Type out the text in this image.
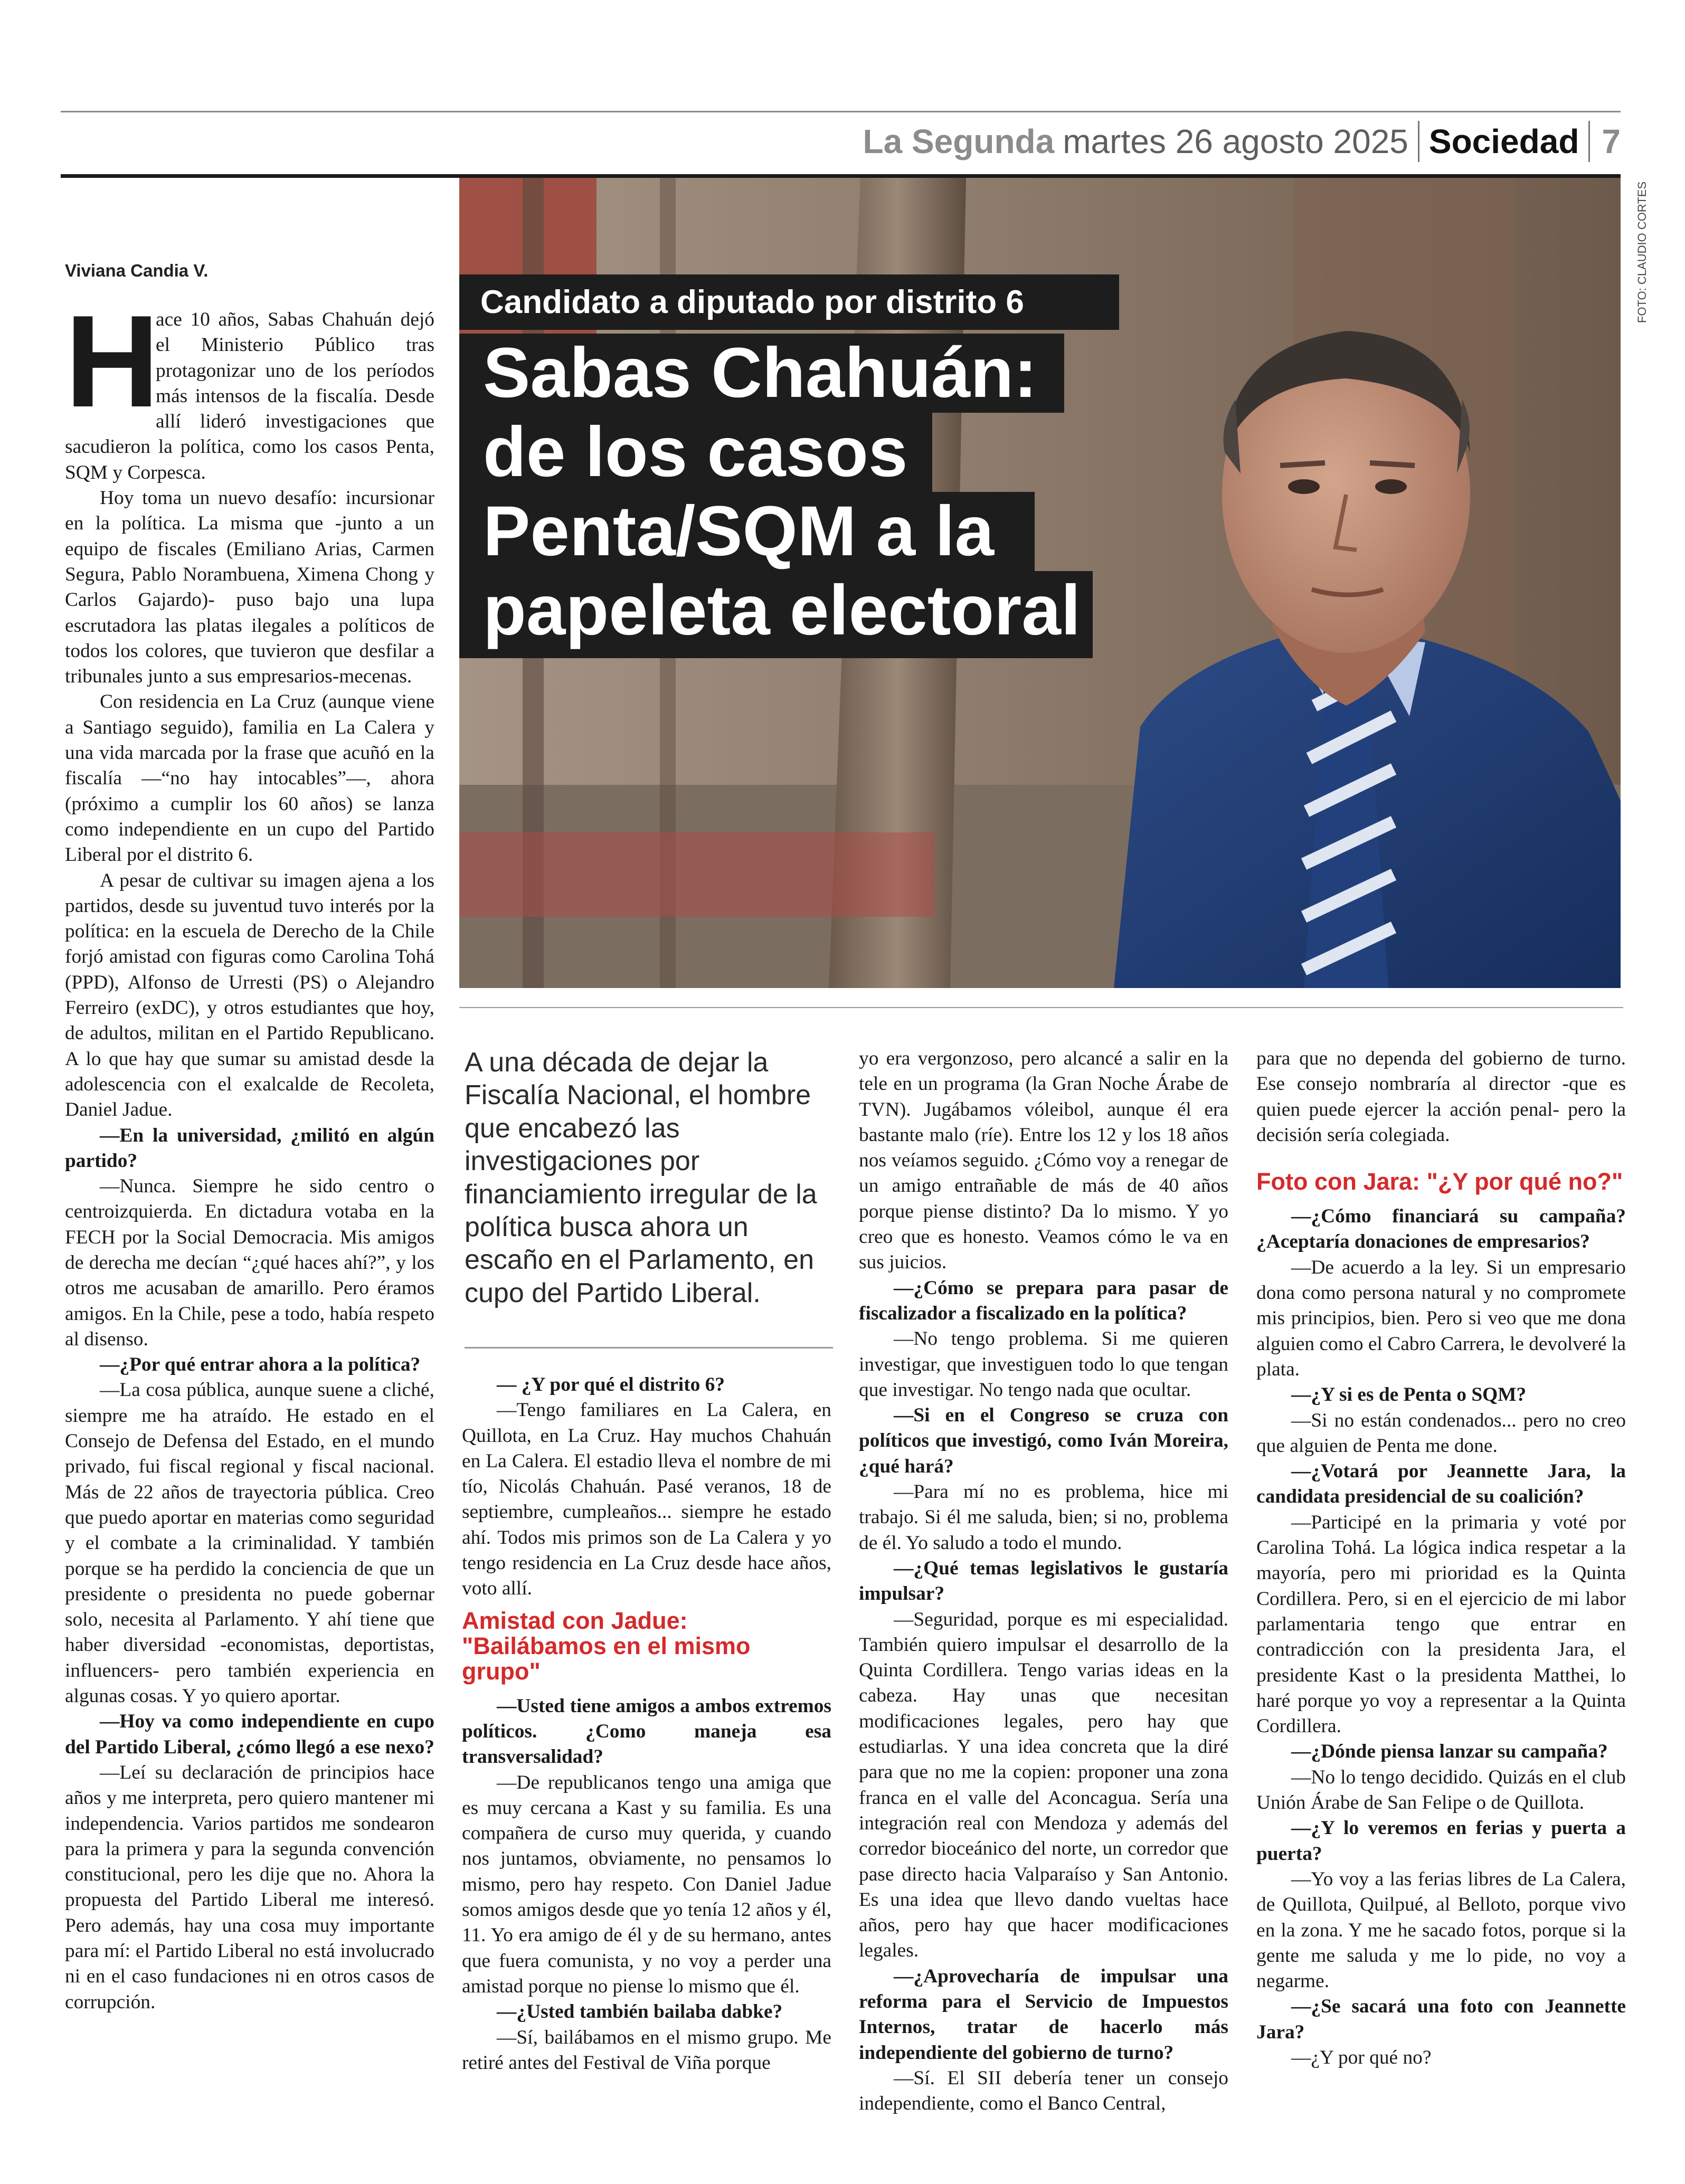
La Segunda martes 26 agosto 2025 Sociedad 7
FOTO: CLAUDIO CORTES
Candidato a diputado por distrito 6
Sabas Chahuán:
de los casos
Penta/SQM a la
papeleta electoral
Viviana Candia V.
H

ace 10 años, Sabas Chahuán dejó el Ministerio Público tras protagonizar uno de los períodos más intensos de la fiscalía. Desde allí lideró investigaciones que sacudieron la política, como los casos Penta, SQM y Corpesca.

Hoy toma un nuevo desafío: incursionar en la política. La misma que -junto a un equipo de fiscales (Emiliano Arias, Carmen Segura, Pablo Norambuena, Ximena Chong y Carlos Gajardo)- puso bajo una lupa escrutadora las platas ilegales a políticos de todos los colores, que tuvieron que desfilar a tribunales junto a sus empresarios-mecenas.

Con residencia en La Cruz (aunque viene a Santiago seguido), familia en La Calera y una vida marcada por la frase que acuñó en la fiscalía —“no hay intocables”—, ahora (próximo a cumplir los 60 años) se lanza como independiente en un cupo del Partido Liberal por el distrito 6.

A pesar de cultivar su imagen ajena a los partidos, desde su juventud tuvo interés por la política: en la escuela de Derecho de la Chile forjó amistad con figuras como Carolina Tohá (PPD), Alfonso de Urresti (PS) o Alejandro Ferreiro (exDC), y otros estudiantes que hoy, de adultos, militan en el Partido Republicano. A lo que hay que sumar su amistad desde la adolescencia con el exalcalde de Recoleta, Daniel Jadue.

—En la universidad, ¿militó en algún partido?

—Nunca. Siempre he sido centro o centroizquierda. En dictadura votaba en la FECH por la Social Democracia. Mis amigos de derecha me decían “¿qué haces ahí?”, y los otros me acusaban de amarillo. Pero éramos amigos. En la Chile, pese a todo, había respeto al disenso.

—¿Por qué entrar ahora a la política?

—La cosa pública, aunque suene a cliché, siempre me ha atraído. He estado en el Consejo de Defensa del Estado, en el mundo privado, fui fiscal regional y fiscal nacional. Más de 22 años de trayectoria pública. Creo que puedo aportar en materias como seguridad y el combate a la criminalidad. Y también porque se ha perdido la conciencia de que un presidente o presidenta no puede gobernar solo, necesita al Parlamento. Y ahí tiene que haber diversidad -economistas, deportistas, influencers- pero también experiencia en algunas cosas. Y yo quiero aportar.

—Hoy va como independiente en cupo del Partido Liberal, ¿cómo llegó a ese nexo?

—Leí su declaración de principios hace años y me interpreta, pero quiero mantener mi independencia. Varios partidos me sondearon para la primera y para la segunda convención constitucional, pero les dije que no. Ahora la propuesta del Partido Liberal me interesó. Pero además, hay una cosa muy importante para mí: el Partido Liberal no está involucrado ni en el caso fundaciones ni en otros casos de corrupción.

A una década de dejar la Fiscalía Nacional, el hombre que encabezó las investigaciones por financiamiento irregular de la política busca ahora un escaño en el Parlamento, en cupo del Partido Liberal.

— ¿Y por qué el distrito 6?

—Tengo familiares en La Calera, en Quillota, en La Cruz. Hay muchos Chahuán en La Calera. El estadio lleva el nombre de mi tío, Nicolás Chahuán. Pasé veranos, 18 de septiembre, cumpleaños... siempre he estado ahí. Todos mis primos son de La Calera y yo tengo residencia en La Cruz desde hace años, voto allí.

Amistad con Jadue: "Bailábamos en el mismo grupo"

—Usted tiene amigos a ambos extremos políticos. ¿Como maneja esa transversalidad?

—De republicanos tengo una amiga que es muy cercana a Kast y su familia. Es una compañera de curso muy querida, y cuando nos juntamos, obviamente, no pensamos lo mismo, pero hay respeto. Con Daniel Jadue somos amigos desde que yo tenía 12 años y él, 11. Yo era amigo de él y de su hermano, antes que fuera comunista, y no voy a perder una amistad porque no piense lo mismo que él.

—¿Usted también bailaba dabke?

—Sí, bailábamos en el mismo grupo. Me retiré antes del Festival de Viña porque

yo era vergonzoso, pero alcancé a salir en la tele en un programa (la Gran Noche Árabe de TVN). Jugábamos vóleibol, aunque él era bastante malo (ríe). Entre los 12 y los 18 años nos veíamos seguido. ¿Cómo voy a renegar de un amigo entrañable de más de 40 años porque piense distinto? Da lo mismo. Y yo creo que es honesto. Veamos cómo le va en sus juicios.

—¿Cómo se prepara para pasar de fiscalizador a fiscalizado en la política?

—No tengo problema. Si me quieren investigar, que investiguen todo lo que tengan que investigar. No tengo nada que ocultar.

—Si en el Congreso se cruza con políticos que investigó, como Iván Moreira, ¿qué hará?

—Para mí no es problema, hice mi trabajo. Si él me saluda, bien; si no, problema de él. Yo saludo a todo el mundo.

—¿Qué temas legislativos le gustaría impulsar?

—Seguridad, porque es mi especialidad. También quiero impulsar el desarrollo de la Quinta Cordillera. Tengo varias ideas en la cabeza. Hay unas que necesitan modificaciones legales, pero hay que estudiarlas. Y una idea concreta que la diré para que no me la copien: proponer una zona franca en el valle del Aconcagua. Sería una integración real con Mendoza y además del corredor bioceánico del norte, un corredor que pase directo hacia Valparaíso y San Antonio. Es una idea que llevo dando vueltas hace años, pero hay que hacer modificaciones legales.

—¿Aprovecharía de impulsar una reforma para el Servicio de Impuestos Internos, tratar de hacerlo más independiente del gobierno de turno?

—Sí. El SII debería tener un consejo independiente, como el Banco Central,

para que no dependa del gobierno de turno. Ese consejo nombraría al director -que es quien puede ejercer la acción penal- pero la decisión sería colegiada.

Foto con Jara: "¿Y por qué no?"

—¿Cómo financiará su campaña? ¿Aceptaría donaciones de empresarios?

—De acuerdo a la ley. Si un empresario dona como persona natural y no compromete mis principios, bien. Pero si veo que me dona alguien como el Cabro Carrera, le devolveré la plata.

—¿Y si es de Penta o SQM?

—Si no están condenados... pero no creo que alguien de Penta me done.

—¿Votará por Jeannette Jara, la candidata presidencial de su coalición?

—Participé en la primaria y voté por Carolina Tohá. La lógica indica respetar a la mayoría, pero mi prioridad es la Quinta Cordillera. Pero, si en el ejercicio de mi labor parlamentaria tengo que entrar en contradicción con la presidenta Jara, el presidente Kast o la presidenta Matthei, lo haré porque yo voy a representar a la Quinta Cordillera.

—¿Dónde piensa lanzar su campaña?

—No lo tengo decidido. Quizás en el club Unión Árabe de San Felipe o de Quillota.

—¿Y lo veremos en ferias y puerta a puerta?

—Yo voy a las ferias libres de La Calera, de Quillota, Quilpué, al Belloto, porque vivo en la zona. Y me he sacado fotos, porque si la gente me saluda y me lo pide, no voy a negarme.

—¿Se sacará una foto con Jeannette Jara?

—¿Y por qué no?
